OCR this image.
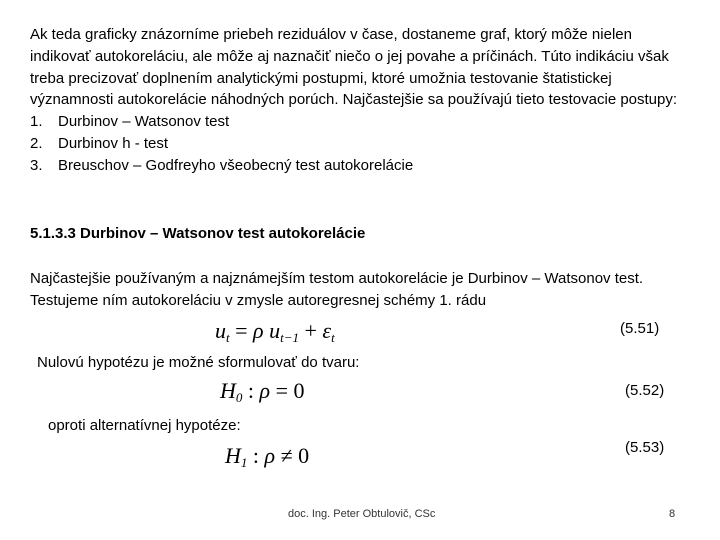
Ak teda graficky znázorníme priebeh reziduálov v čase, dostaneme graf, ktorý môže nielen indikovať autokoreláciu, ale môže aj naznačiť niečo o jej povahe a príčinách. Túto indikáciu však treba precizovať doplnením analytickými postupmi, ktoré umožnia testovanie štatistickej významnosti autokorelácie náhodných porúch. Najčastejšie sa používajú tieto testovacie postupy:
1. Durbinov – Watsonov test
2. Durbinov h - test
3. Breuschov – Godfreyho všeobecný test autokorelácie
5.1.3.3 Durbinov – Watsonov test autokorelácie
Najčastejšie používaným a najznámejším testom autokorelácie je Durbinov – Watsonov test. Testujeme ním autokoreláciu v zmysle autoregresnej schémy 1. rádu
$u_t = \rho$ $u_{t-1} + \varepsilon_t$
(5.51)
Nulovú hypotézu je možné sformulovať do tvaru:
$H_0$ : ρ = 0	(5.52)
oproti alternatívnej hypotéze:
$H_1$ : ρ ≠ 0	(5.53)
doc. Ing. Peter Obtulovič, CSc	8
